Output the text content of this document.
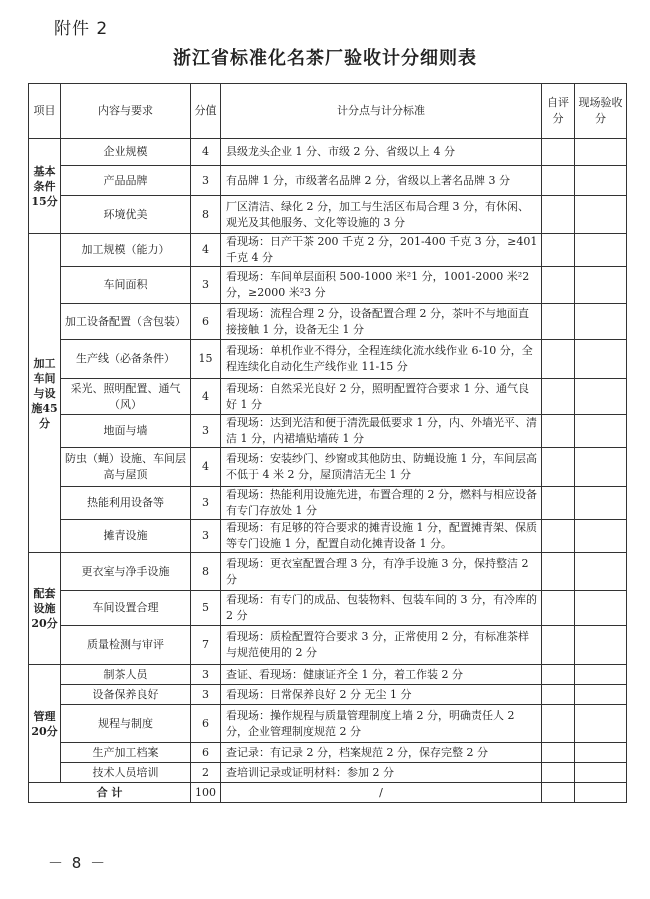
附件 2
浙江省标准化名茶厂验收计分细则表
项目	内容与要求	分值	计分点与计分标准	自评分	现场验收分
基本条件15分	企业规模	4	县级龙头企业 1 分、市级 2 分、省级以上 4 分		
	产品品牌	3	有品牌 1 分，市级著名品牌 2 分，省级以上著名品牌 3 分		
	环境优美	8	厂区清洁、绿化 2 分，加工与生活区布局合理 3 分，有休闲、观光及其他服务、文化等设施的 3 分		
加工车间与设施45分	加工规模（能力）	4	看现场：日产干茶 200 千克 2 分，201-400 千克 3 分，≥401 千克 4 分		
	车间面积	3	看现场：车间单层面积 500-1000 米²1 分，1001-2000 米²2 分，≥2000 米²3 分		
	加工设备配置（含包装）	6	看现场：流程合理 2 分，设备配置合理 2 分，茶叶不与地面直接接触 1 分，设备无尘 1 分		
	生产线（必备条件）	15	看现场：单机作业不得分，全程连续化流水线作业 6-10 分，全程连续化自动化生产线作业 11-15 分		
	采光、照明配置、通气（风）	4	看现场：自然采光良好 2 分，照明配置符合要求 1 分、通气良好 1 分		
	地面与墙	3	看现场：达到光洁和便于清洗最低要求 1 分，内、外墙光平、清洁 1 分，内裙墙贴墙砖 1 分		
	防虫（蝇）设施、车间层高与屋顶	4	看现场：安装纱门、纱窗或其他防虫、防蝇设施 1 分，车间层高不低于 4 米 2 分，屋顶清洁无尘 1 分		
	热能利用设备等	3	看现场：热能利用设施先进，布置合理的 2 分，燃料与相应设备有专门存放处 1 分		
	摊青设施	3	看现场：有足够的符合要求的摊青设施 1 分，配置摊青架、保质等专门设施 1 分，配置自动化摊青设备 1 分。		
配套设施20分	更衣室与净手设施	8	看现场：更衣室配置合理 3 分，有净手设施 3 分，保持整洁 2 分		
	车间设置合理	5	看现场：有专门的成品、包装物料、包装车间的 3 分，有冷库的 2 分		
	质量检测与审评	7	看现场：质检配置符合要求 3 分，正常使用 2 分，有标准茶样与规范使用的 2 分		
管理20分	制茶人员	3	查证、看现场：健康证齐全 1 分，着工作装 2 分		
	设备保养良好	3	看现场：日常保养良好 2 分 无尘 1 分		
	规程与制度	6	看现场：操作规程与质量管理制度上墙 2 分，明确责任人 2 分，企业管理制度规范 2 分		
	生产加工档案	6	查记录：有记录 2 分，档案规范 2 分，保存完整 2 分		
	技术人员培训	2	查培训记录或证明材料：参加 2 分		
合 计		100	/		
－ 8 －
